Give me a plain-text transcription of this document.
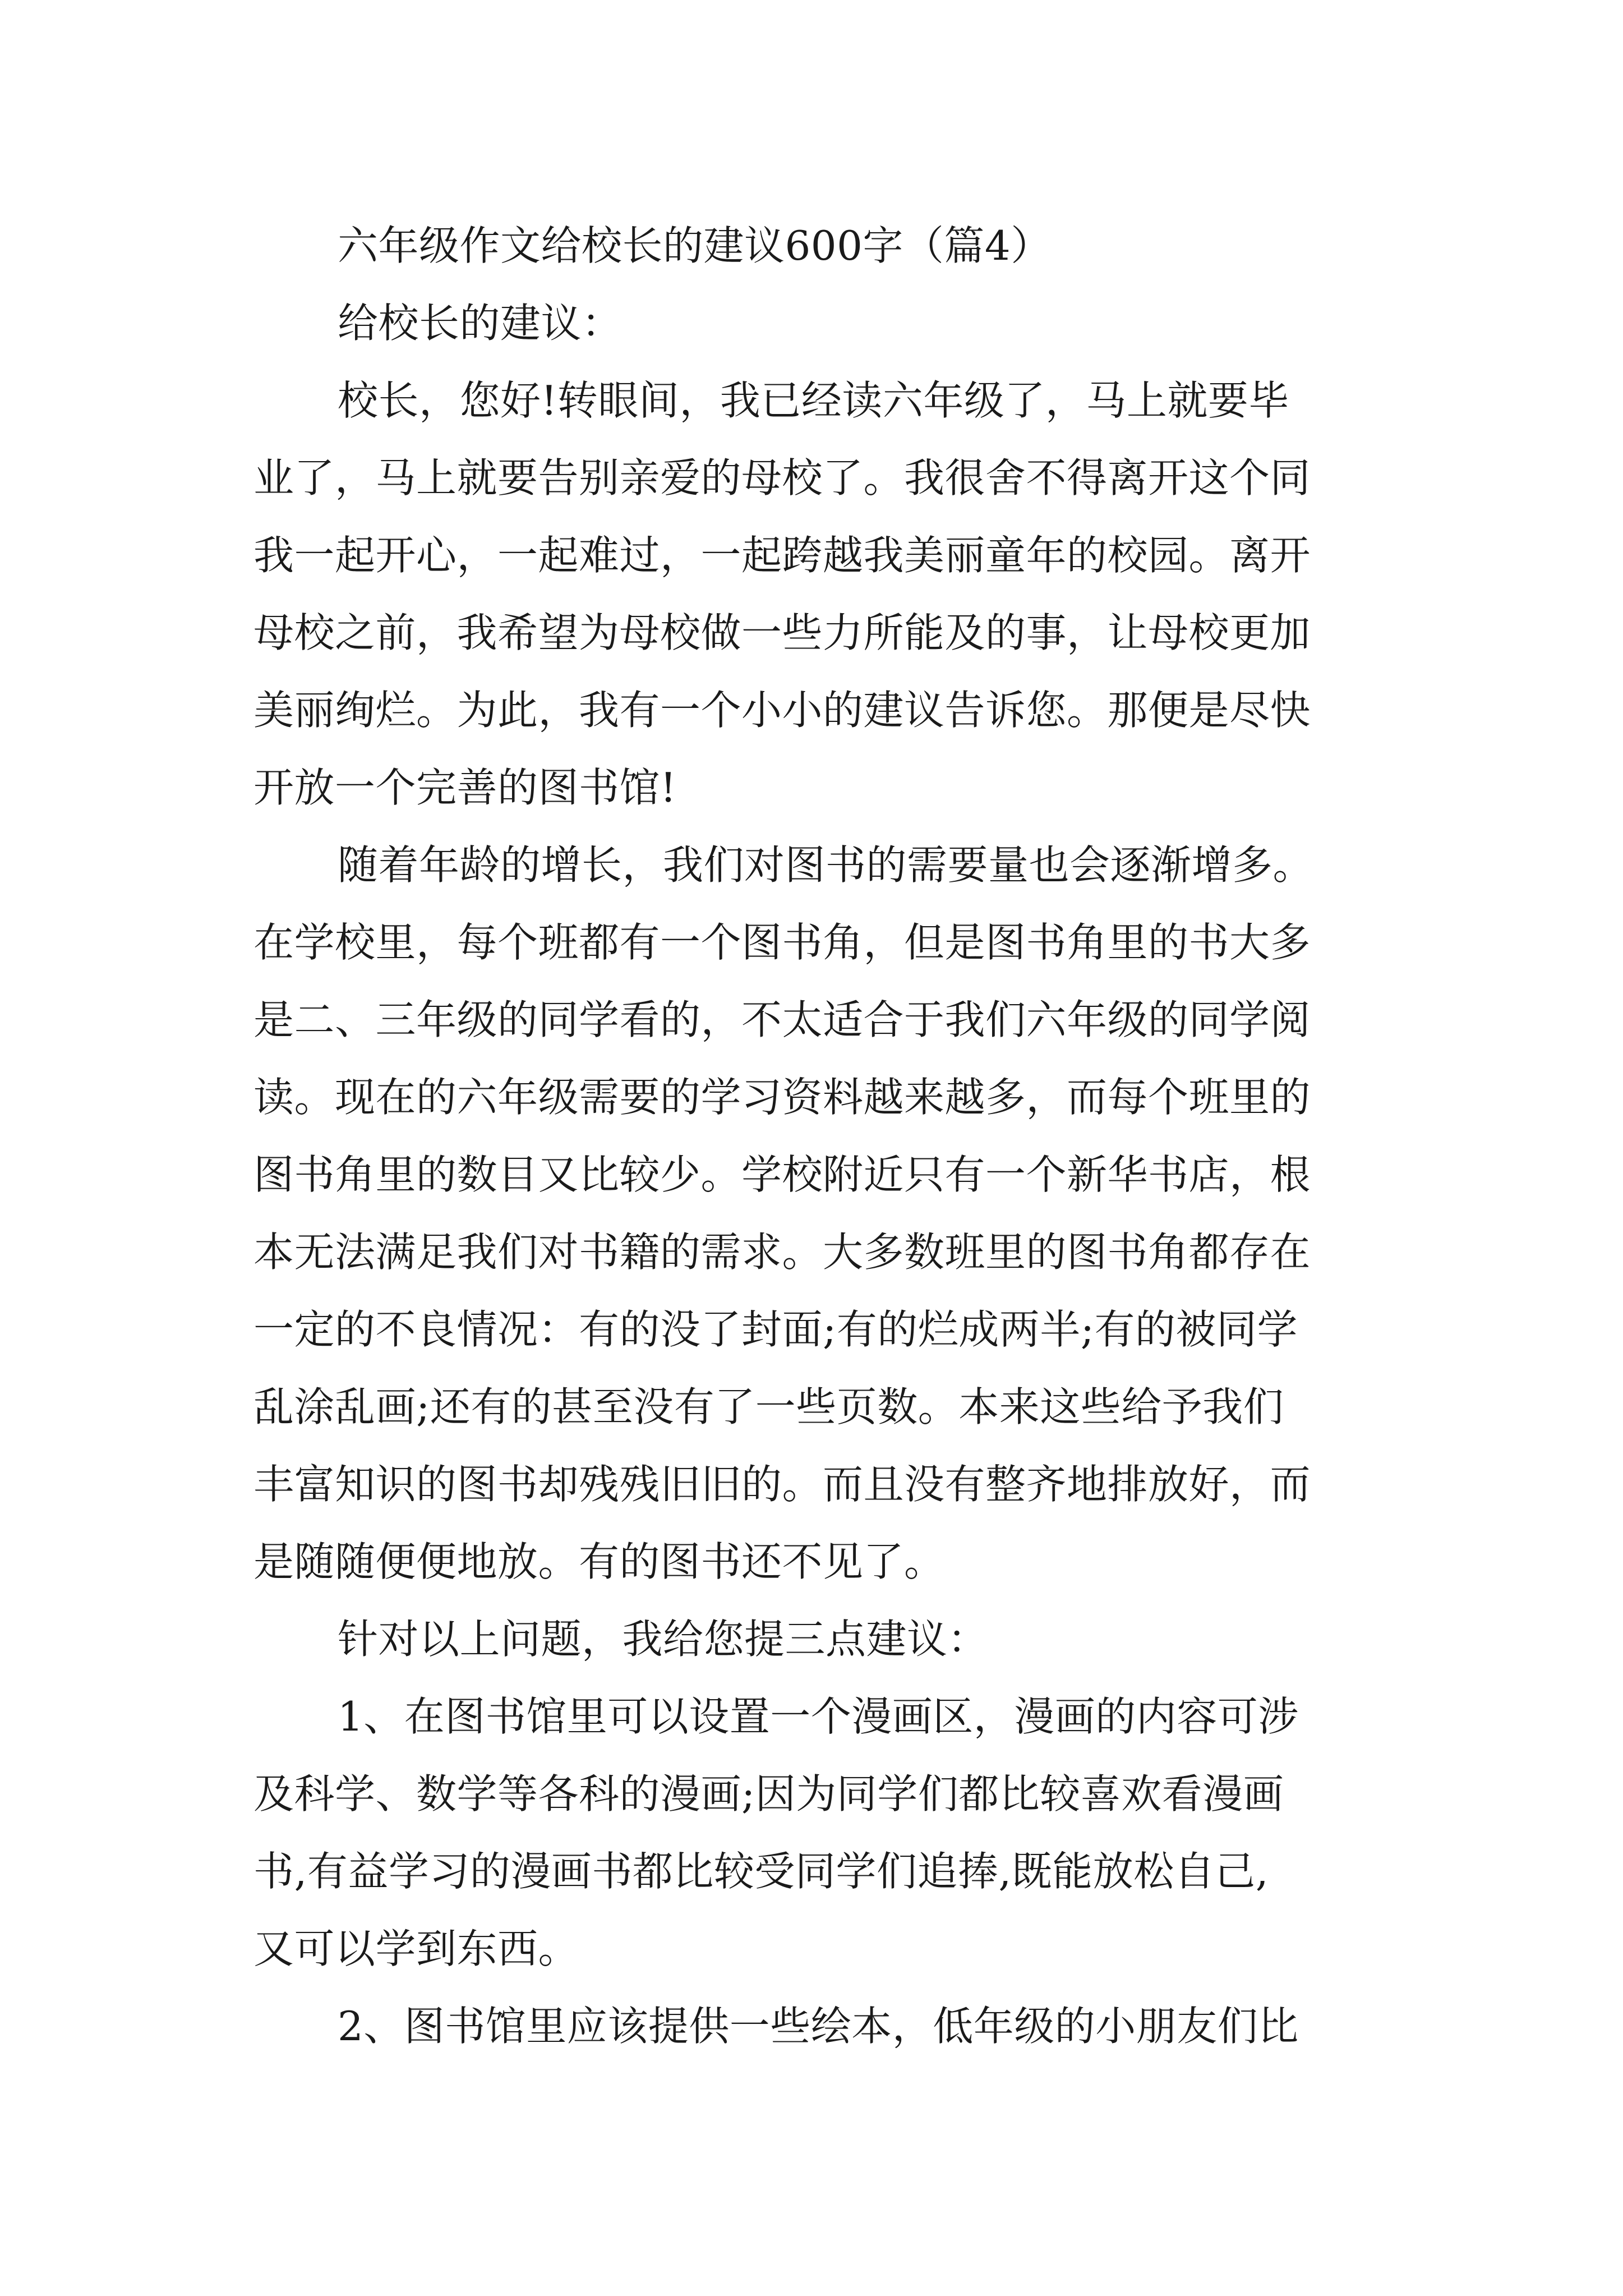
六年级作文给校长的建议600字（篇4）
给校长的建议：
校长，您好!转眼间，我已经读六年级了，马上就要毕
业了，马上就要告别亲爱的母校了。我很舍不得离开这个同
我一起开心，一起难过，一起跨越我美丽童年的校园。离开
母校之前，我希望为母校做一些力所能及的事，让母校更加
美丽绚烂。为此，我有一个小小的建议告诉您。那便是尽快
开放一个完善的图书馆!
随着年龄的增长，我们对图书的需要量也会逐渐增多。
在学校里，每个班都有一个图书角，但是图书角里的书大多
是二、三年级的同学看的，不太适合于我们六年级的同学阅
读。现在的六年级需要的学习资料越来越多，而每个班里的
图书角里的数目又比较少。学校附近只有一个新华书店，根
本无法满足我们对书籍的需求。大多数班里的图书角都存在
一定的不良情况：有的没了封面;有的烂成两半;有的被同学
乱涂乱画;还有的甚至没有了一些页数。本来这些给予我们
丰富知识的图书却残残旧旧的。而且没有整齐地排放好，而
是随随便便地放。有的图书还不见了。
针对以上问题，我给您提三点建议：
1、在图书馆里可以设置一个漫画区，漫画的内容可涉
及科学、数学等各科的漫画;因为同学们都比较喜欢看漫画
书,有益学习的漫画书都比较受同学们追捧,既能放松自己,
又可以学到东西。
2、图书馆里应该提供一些绘本，低年级的小朋友们比
